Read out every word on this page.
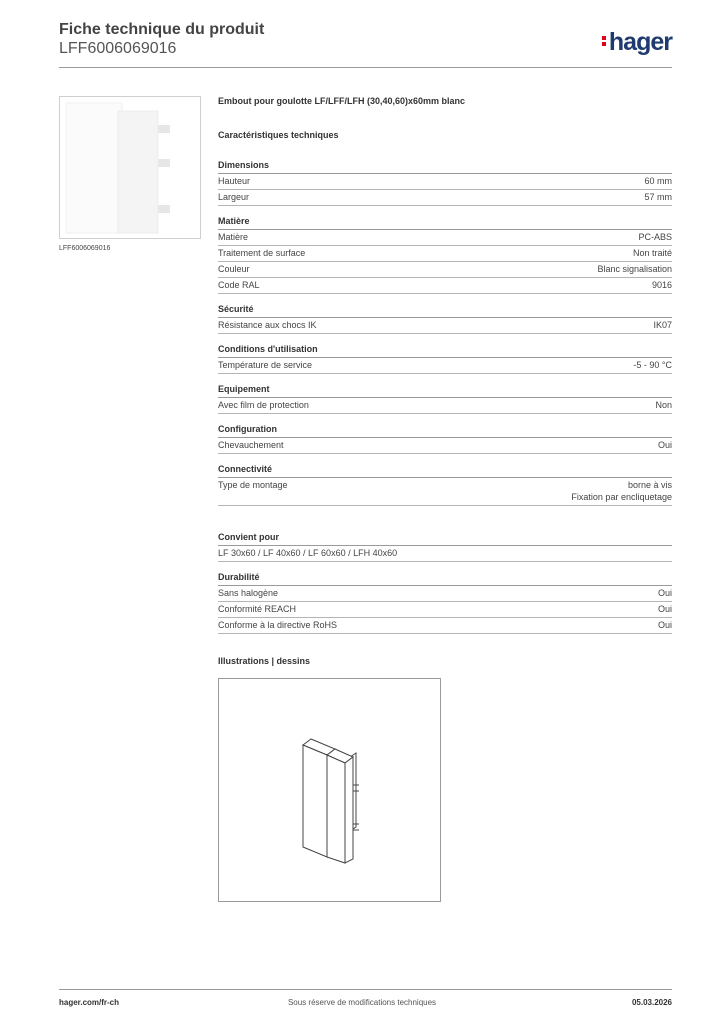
Fiche technique du produit
LFF6006069016	hager
LFF6006069016
Embout pour goulotte LF/LFF/LFH (30,40,60)x60mm blanc
Caractéristiques techniques
Dimensions
Hauteur	60 mm
Largeur	57 mm
Matière
Matière	PC-ABS
Traitement de surface	Non traité
Couleur	Blanc signalisation
Code RAL	9016
Sécurité
Résistance aux chocs IK	IK07
Conditions d'utilisation
Température de service	-5 - 90 °C
Equipement
Avec film de protection	Non
Configuration
Chevauchement	Oui
Connectivité
Type de montage	borne à vis
Fixation par encliquetage
Convient pour
LF 30x60 / LF 40x60 / LF 60x60 / LFH 40x60
Durabilité
Sans halogène	Oui
Conformité REACH	Oui
Conforme à la directive RoHS	Oui
Illustrations | dessins
hager.com/fr-ch	Sous réserve de modifications techniques	05.03.2026
